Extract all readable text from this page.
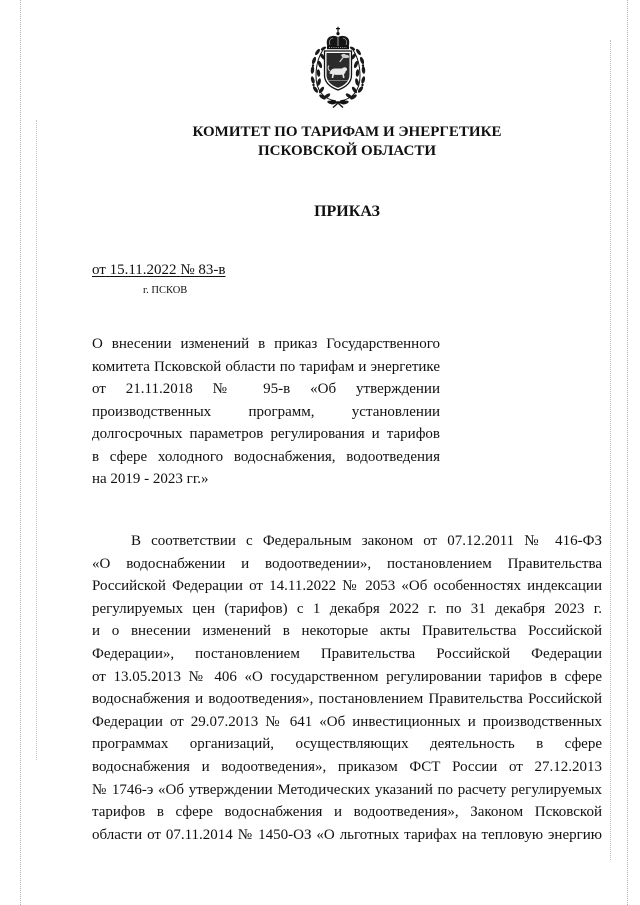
КОМИТЕТ ПО ТАРИФАМ И ЭНЕРГЕТИКЕ
ПСКОВСКОЙ ОБЛАСТИ
ПРИКАЗ
от 15.11.2022 № 83-в
г. ПСКОВ
О внесении изменений в приказ Государственного
комитета Псковской области по тарифам и энергетике
от 21.11.2018 № 95-в «Об утверждении
производственных программ, установлении
долгосрочных параметров регулирования и тарифов
в сфере холодного водоснабжения, водоотведения
на 2019 - 2023 гг.»
В соответствии с Федеральным законом от 07.12.2011 № 416-ФЗ
«О водоснабжении и водоотведении», постановлением Правительства
Российской Федерации от 14.11.2022 № 2053 «Об особенностях индексации
регулируемых цен (тарифов) с 1 декабря 2022 г. по 31 декабря 2023 г.
и о внесении изменений в некоторые акты Правительства Российской
Федерации», постановлением Правительства Российской Федерации
от 13.05.2013 № 406 «О государственном регулировании тарифов в сфере
водоснабжения и водоотведения», постановлением Правительства Российской
Федерации от 29.07.2013 № 641 «Об инвестиционных и производственных
программах организаций, осуществляющих деятельность в сфере
водоснабжения и водоотведения», приказом ФСТ России от 27.12.2013
№ 1746-э «Об утверждении Методических указаний по расчету регулируемых
тарифов в сфере водоснабжения и водоотведения», Законом Псковской
области от 07.11.2014 № 1450-ОЗ «О льготных тарифах на тепловую энергию
